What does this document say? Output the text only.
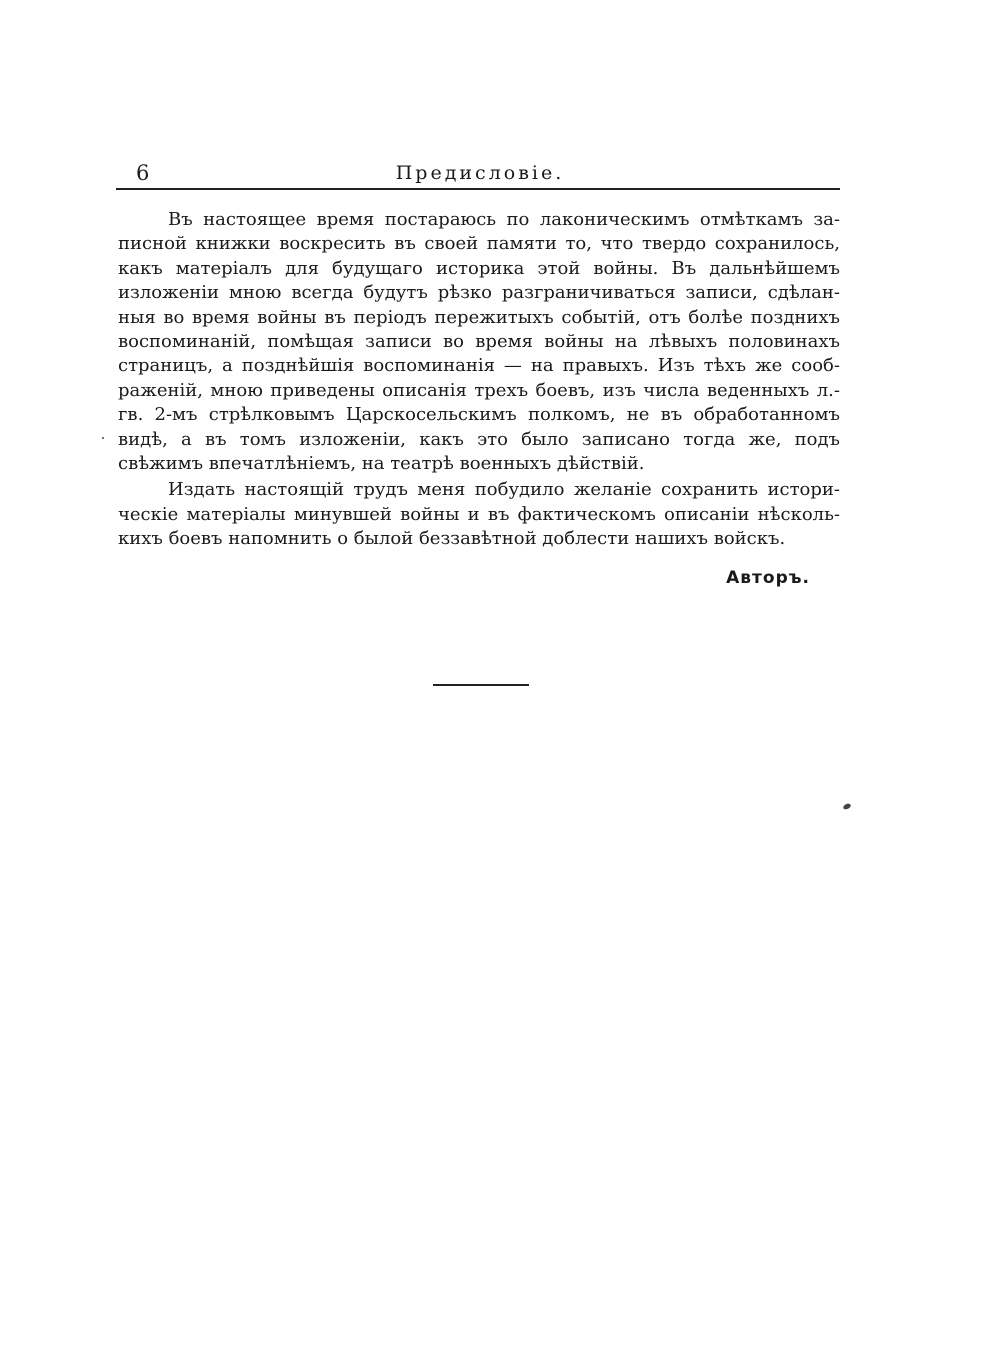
6	Предисловіе.

Въ настоящее время постараюсь по лаконическимъ отмѣткамъ записной книжки воскресить въ своей памяти то, что твердо сохранилось, какъ матеріалъ для будущаго историка этой войны. Въ дальнѣйшемъ изложеніи мною всегда будутъ рѣзко разграничиваться записи, сдѣланныя во время войны въ періодъ пережитыхъ событій, отъ болѣе позднихъ воспоминаній, помѣщая записи во время войны на лѣвыхъ половинахъ страницъ, а позднѣйшія воспоминанія — на правыхъ. Изъ тѣхъ же соображеній, мною приведены описанія трехъ боевъ, изъ числа веденныхъ л.-гв. 2-мъ стрѣлковымъ Царскосельскимъ полкомъ, не въ обработанномъ видѣ, а въ томъ изложеніи, какъ это было записано тогда же, подъ свѣжимъ впечатлѣніемъ, на театрѣ военныхъ дѣйствій.

Издать настоящій трудъ меня побудило желаніе сохранить историческіе матеріалы минувшей войны и въ фактическомъ описаніи нѣсколькихъ боевъ напомнить о былой беззавѣтной доблести нашихъ войскъ.

Авторъ.
